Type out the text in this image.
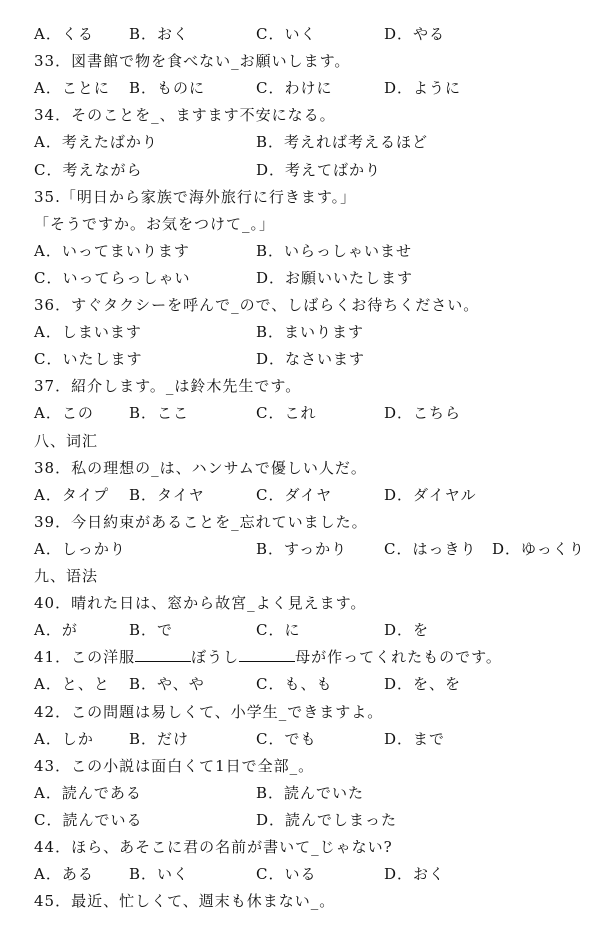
A．くる B．おく	C．いく	D．やる
33．図書館で物を食べない_お願いします。
A．ことに B．ものに	C．わけに	D．ように
34．そのことを_、ますます不安になる。
A．考えたばかり	B．考えれば考えるほど
C．考えながら	D．考えてばかり
35.「明日から家族で海外旅行に行きます。」
「そうですか。お気をつけて_。」
A．いってまいります	B．いらっしゃいませ
C．いってらっしゃい	D．お願いいたします
36．すぐタクシーを呼んで_ので、しばらくお待ちください。
A．しまいます	B．まいります
C．いたします	D．なさいます
37．紹介します。_は鈴木先生です。
A．この B．ここ	C．これ	D．こちら
八、词汇
38．私の理想の_は、ハンサムで優しい人だ。
A．タイプ B．タイヤ	C．ダイヤ	D．ダイヤル
39．今日約束があることを_忘れていました。
A．しっかり	B．すっかり C．はっきり D．ゆっくり
九、语法
40．晴れた日は、窓から故宮_よく見えます。
A．が	B．で	C．に	D．を
41．この洋服	ぼうし	母が作ってくれたものです。
A．と、と B．や、や	C．も、も	D．を、を
42．この問題は易しくて、小学生_できますよ。
A．しか B．だけ	C．でも	D．まで
43．この小説は面白くて1日で全部_。
A．読んである	B．読んでいた
C．読んでいる	D．読んでしまった
44．ほら、あそこに君の名前が書いて_じゃない?
A．ある B．いく	C．いる	D．おく
45．最近、忙しくて、週末も休まない_。
